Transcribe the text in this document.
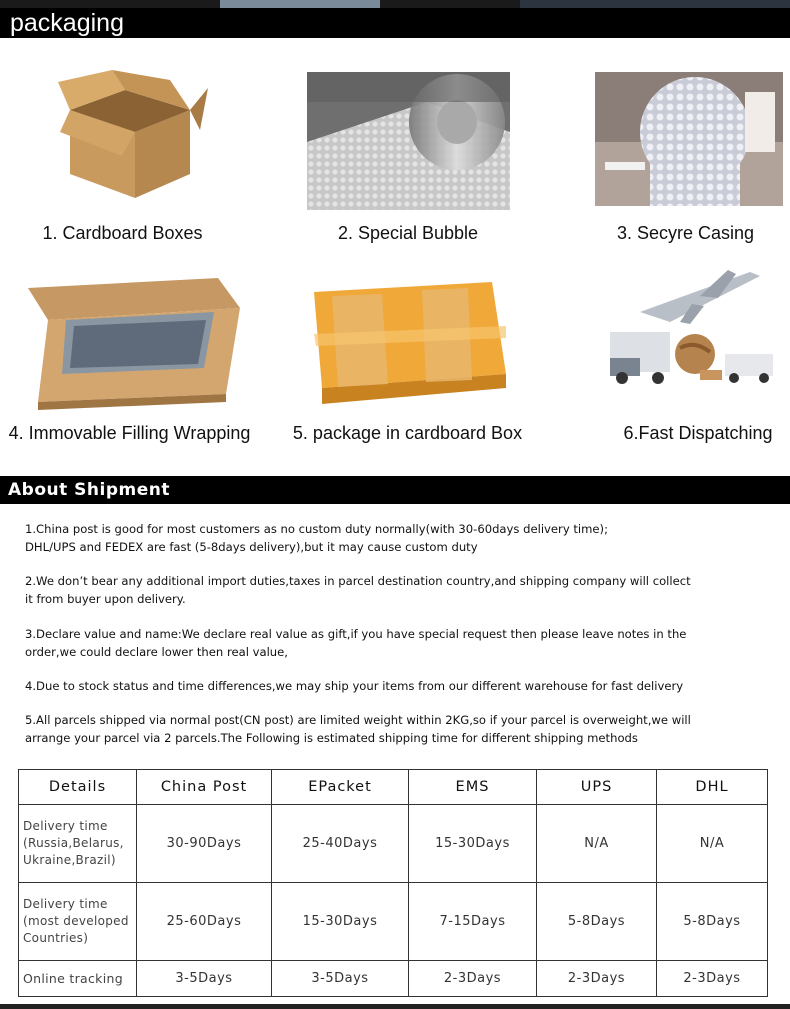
packaging
1. Cardboard Boxes	2. Special Bubble	3. Secyre Casing
4. Immovable Filling Wrapping	5. package in cardboard Box	6.Fast Dispatching
About Shipment
1.China post is good for most customers as no custom duty normally(with 30-60days delivery time);
DHL/UPS and FEDEX are fast (5-8days delivery),but it may cause custom duty
2.We don’t bear any additional import duties,taxes in parcel destination country,and shipping company will collect
it from buyer upon delivery.
3.Declare value and name:We declare real value as gift,if you have special request then please leave notes in the
order,we could declare lower then real value,
4.Due to stock status and time differences,we may ship your items from our different warehouse for fast delivery
5.All parcels shipped via normal post(CN post) are limited weight within 2KG,so if your parcel is overweight,we will
arrange your parcel via 2 parcels.The Following is estimated shipping time for different shipping methods
Details	China Post	EPacket	EMS	UPS	DHL

Delivery time
(Russia,Belarus,
Ukraine,Brazil)	30-90Days	25-40Days	15-30Days	N/A	N/A

Delivery time
(most developed
Countries)	25-60Days	15-30Days	7-15Days	5-8Days	5-8Days
Online tracking	3-5Days	3-5Days	2-3Days	2-3Days	2-3Days
